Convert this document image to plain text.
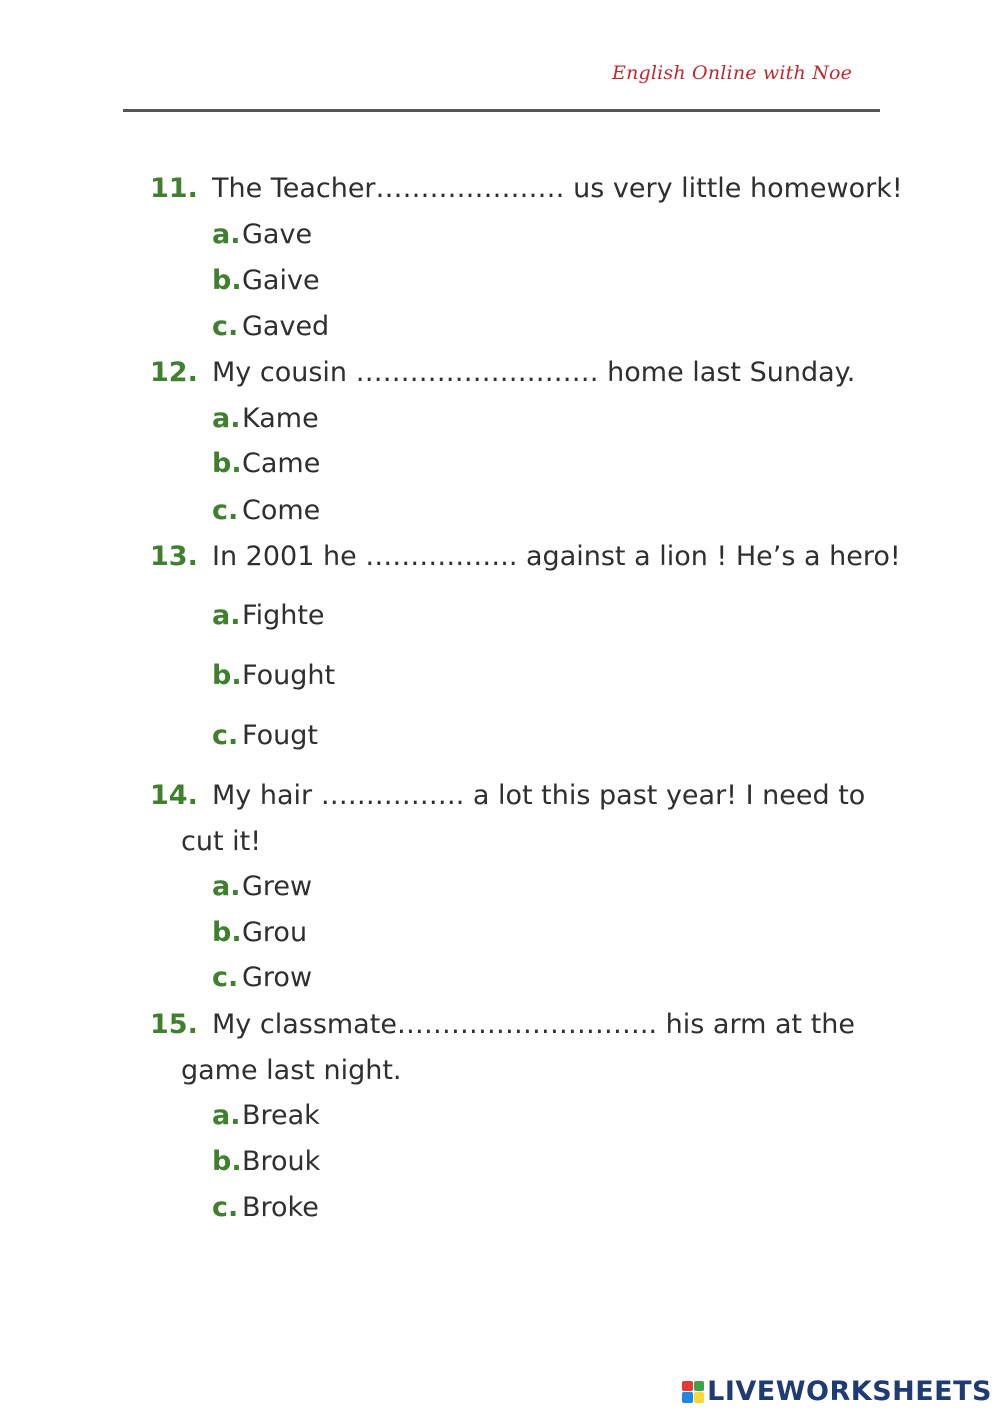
English Online with Noe
11. The Teacher………………… us very little homework!
a.Gave
b.Gaive
c. Gaved
12. My cousin ……………………… home last Sunday.
a.Kame
b.Came
c. Come
13. In 2001 he …………….. against a lion ! He’s a hero!
a.Fighte
b.Fought
c. Fougt
14. My hair ……………. a lot this past year! I need to
cut it!
a.Grew
b.Grou
c. Grow
15. My classmate……………………….. his arm at the
game last night.
a.Break
b.Brouk
c. Broke
LIVEWORKSHEETS
